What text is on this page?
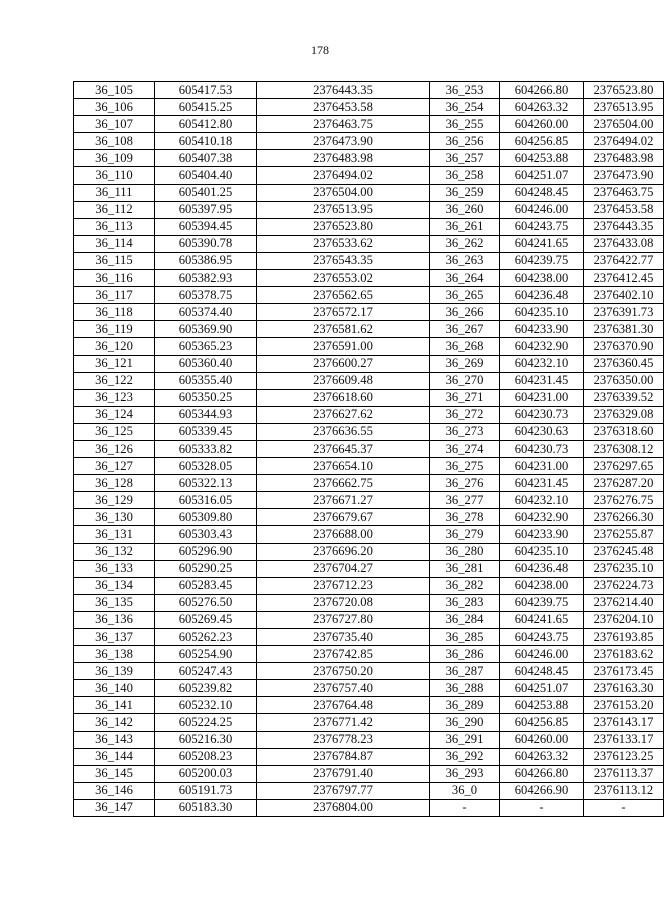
178
36_105	605417.53	2376443.35	36_253	604266.80	2376523.80
36_106	605415.25	2376453.58	36_254	604263.32	2376513.95
36_107	605412.80	2376463.75	36_255	604260.00	2376504.00
36_108	605410.18	2376473.90	36_256	604256.85	2376494.02
36_109	605407.38	2376483.98	36_257	604253.88	2376483.98
36_110	605404.40	2376494.02	36_258	604251.07	2376473.90
36_111	605401.25	2376504.00	36_259	604248.45	2376463.75
36_112	605397.95	2376513.95	36_260	604246.00	2376453.58
36_113	605394.45	2376523.80	36_261	604243.75	2376443.35
36_114	605390.78	2376533.62	36_262	604241.65	2376433.08
36_115	605386.95	2376543.35	36_263	604239.75	2376422.77
36_116	605382.93	2376553.02	36_264	604238.00	2376412.45
36_117	605378.75	2376562.65	36_265	604236.48	2376402.10
36_118	605374.40	2376572.17	36_266	604235.10	2376391.73
36_119	605369.90	2376581.62	36_267	604233.90	2376381.30
36_120	605365.23	2376591.00	36_268	604232.90	2376370.90
36_121	605360.40	2376600.27	36_269	604232.10	2376360.45
36_122	605355.40	2376609.48	36_270	604231.45	2376350.00
36_123	605350.25	2376618.60	36_271	604231.00	2376339.52
36_124	605344.93	2376627.62	36_272	604230.73	2376329.08
36_125	605339.45	2376636.55	36_273	604230.63	2376318.60
36_126	605333.82	2376645.37	36_274	604230.73	2376308.12
36_127	605328.05	2376654.10	36_275	604231.00	2376297.65
36_128	605322.13	2376662.75	36_276	604231.45	2376287.20
36_129	605316.05	2376671.27	36_277	604232.10	2376276.75
36_130	605309.80	2376679.67	36_278	604232.90	2376266.30
36_131	605303.43	2376688.00	36_279	604233.90	2376255.87
36_132	605296.90	2376696.20	36_280	604235.10	2376245.48
36_133	605290.25	2376704.27	36_281	604236.48	2376235.10
36_134	605283.45	2376712.23	36_282	604238.00	2376224.73
36_135	605276.50	2376720.08	36_283	604239.75	2376214.40
36_136	605269.45	2376727.80	36_284	604241.65	2376204.10
36_137	605262.23	2376735.40	36_285	604243.75	2376193.85
36_138	605254.90	2376742.85	36_286	604246.00	2376183.62
36_139	605247.43	2376750.20	36_287	604248.45	2376173.45
36_140	605239.82	2376757.40	36_288	604251.07	2376163.30
36_141	605232.10	2376764.48	36_289	604253.88	2376153.20
36_142	605224.25	2376771.42	36_290	604256.85	2376143.17
36_143	605216.30	2376778.23	36_291	604260.00	2376133.17
36_144	605208.23	2376784.87	36_292	604263.32	2376123.25
36_145	605200.03	2376791.40	36_293	604266.80	2376113.37
36_146	605191.73	2376797.77	36_0	604266.90	2376113.12
36_147	605183.30	2376804.00	-	-	-
